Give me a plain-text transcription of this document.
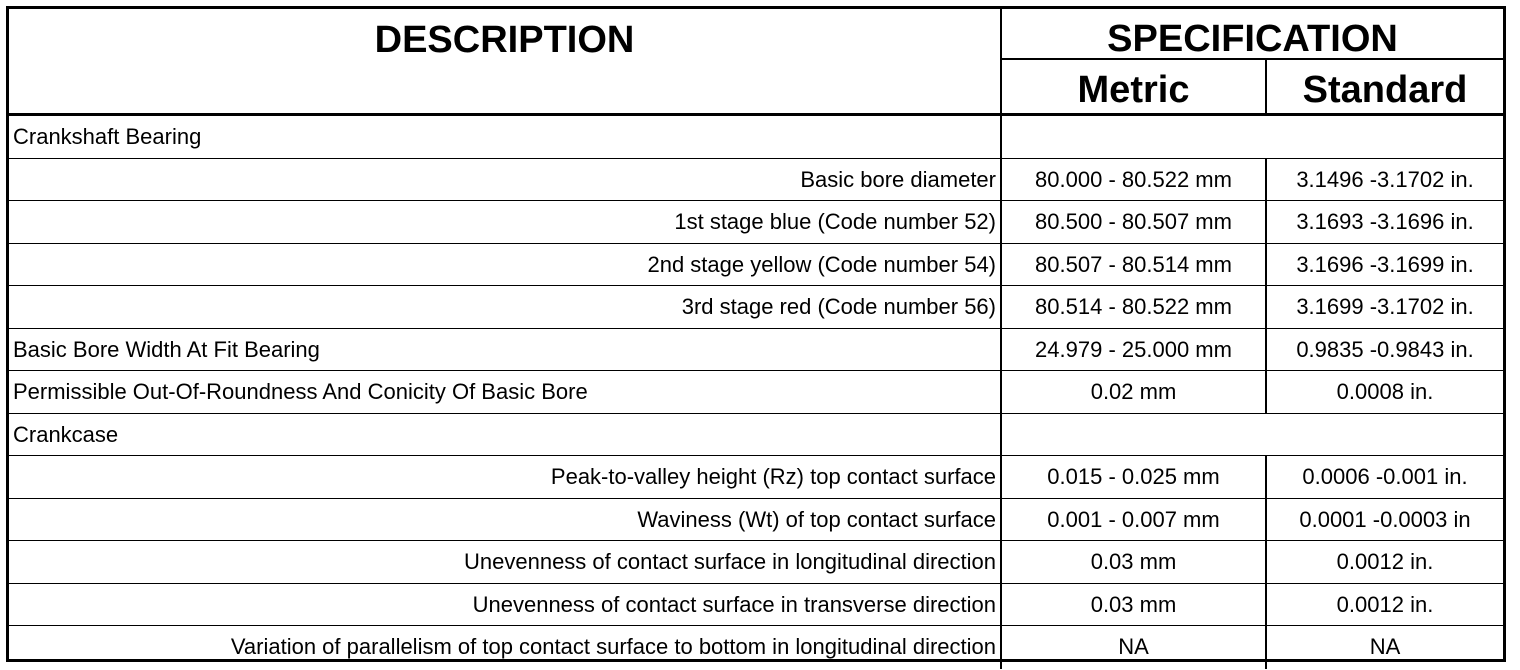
DESCRIPTION	SPECIFICATION
Metric	Standard
Crankshaft Bearing
Basic bore diameter	80.000 - 80.522 mm	3.1496 -3.1702 in.
1st stage blue (Code number 52)	80.500 - 80.507 mm	3.1693 -3.1696 in.
2nd stage yellow (Code number 54)	80.507 - 80.514 mm	3.1696 -3.1699 in.
3rd stage red (Code number 56)	80.514 - 80.522 mm	3.1699 -3.1702 in.
Basic Bore Width At Fit Bearing	24.979 - 25.000 mm	0.9835 -0.9843 in.
Permissible Out-Of-Roundness And Conicity Of Basic Bore	0.02 mm	0.0008 in.
Crankcase
Peak-to-valley height (Rz) top contact surface	0.015 - 0.025 mm	0.0006 -0.001 in.
Waviness (Wt) of top contact surface	0.001 - 0.007 mm	0.0001 -0.0003 in
Unevenness of contact surface in longitudinal direction	0.03 mm	0.0012 in.
Unevenness of contact surface in transverse direction	0.03 mm	0.0012 in.
Variation of parallelism of top contact surface to bottom in longitudinal direction	NA	NA
